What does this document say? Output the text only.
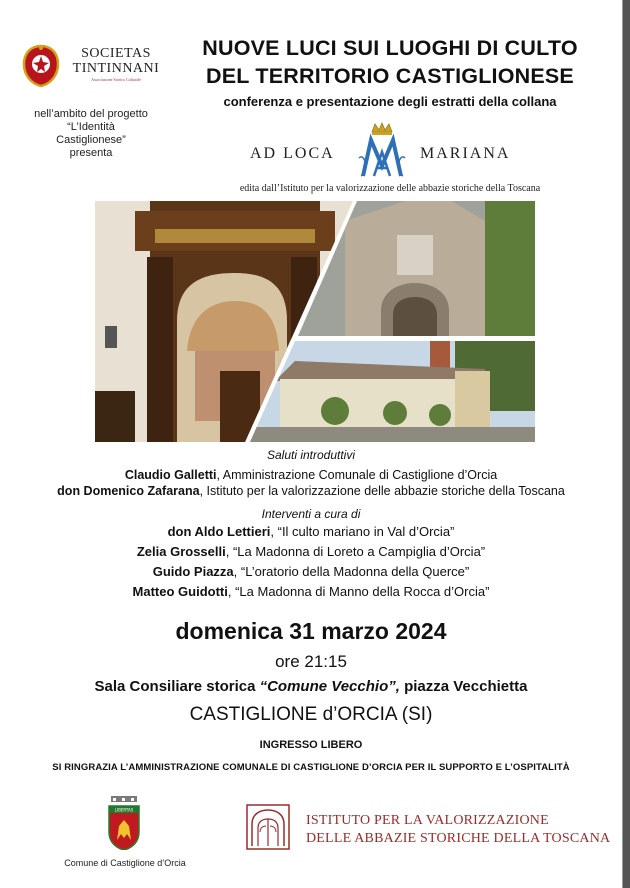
SOCIETAS
TINTINNANI
Associazione Storico Culturale
nell’ambito del progetto
“L’Identità
Castiglionese”
presenta
NUOVE LUCI SUI LUOGHI DI CULTO
DEL TERRITORIO CASTIGLIONESE
conferenza e presentazione degli estratti della collana
AD LOCA	MARIANA
edita dall’Istituto per la valorizzazione delle abbazie storiche della Toscana
Saluti introduttivi
Claudio Galletti, Amministrazione Comunale di Castiglione d’Orcia
don Domenico Zafarana, Istituto per la valorizzazione delle abbazie storiche della Toscana
Interventi a cura di
don Aldo Lettieri, “Il culto mariano in Val d’Orcia”
Zelia Grosselli, “La Madonna di Loreto a Campiglia d’Orcia”
Guido Piazza, “L’oratorio della Madonna della Querce”
Matteo Guidotti, “La Madonna di Manno della Rocca d’Orcia”
domenica 31 marzo 2024
ore 21:15
Sala Consiliare storica “Comune Vecchio”, piazza Vecchietta
CASTIGLIONE d’ORCIA (SI)
INGRESSO LIBERO
SI RINGRAZIA L’AMMINISTRAZIONE COMUNALE DI CASTIGLIONE D’ORCIA PER IL SUPPORTO E L’OSPITALITÀ
LIBERTAS
Comune di Castiglione d’Orcia
ISTITUTO PER LA VALORIZZAZIONE
DELLE ABBAZIE STORICHE DELLA TOSCANA
